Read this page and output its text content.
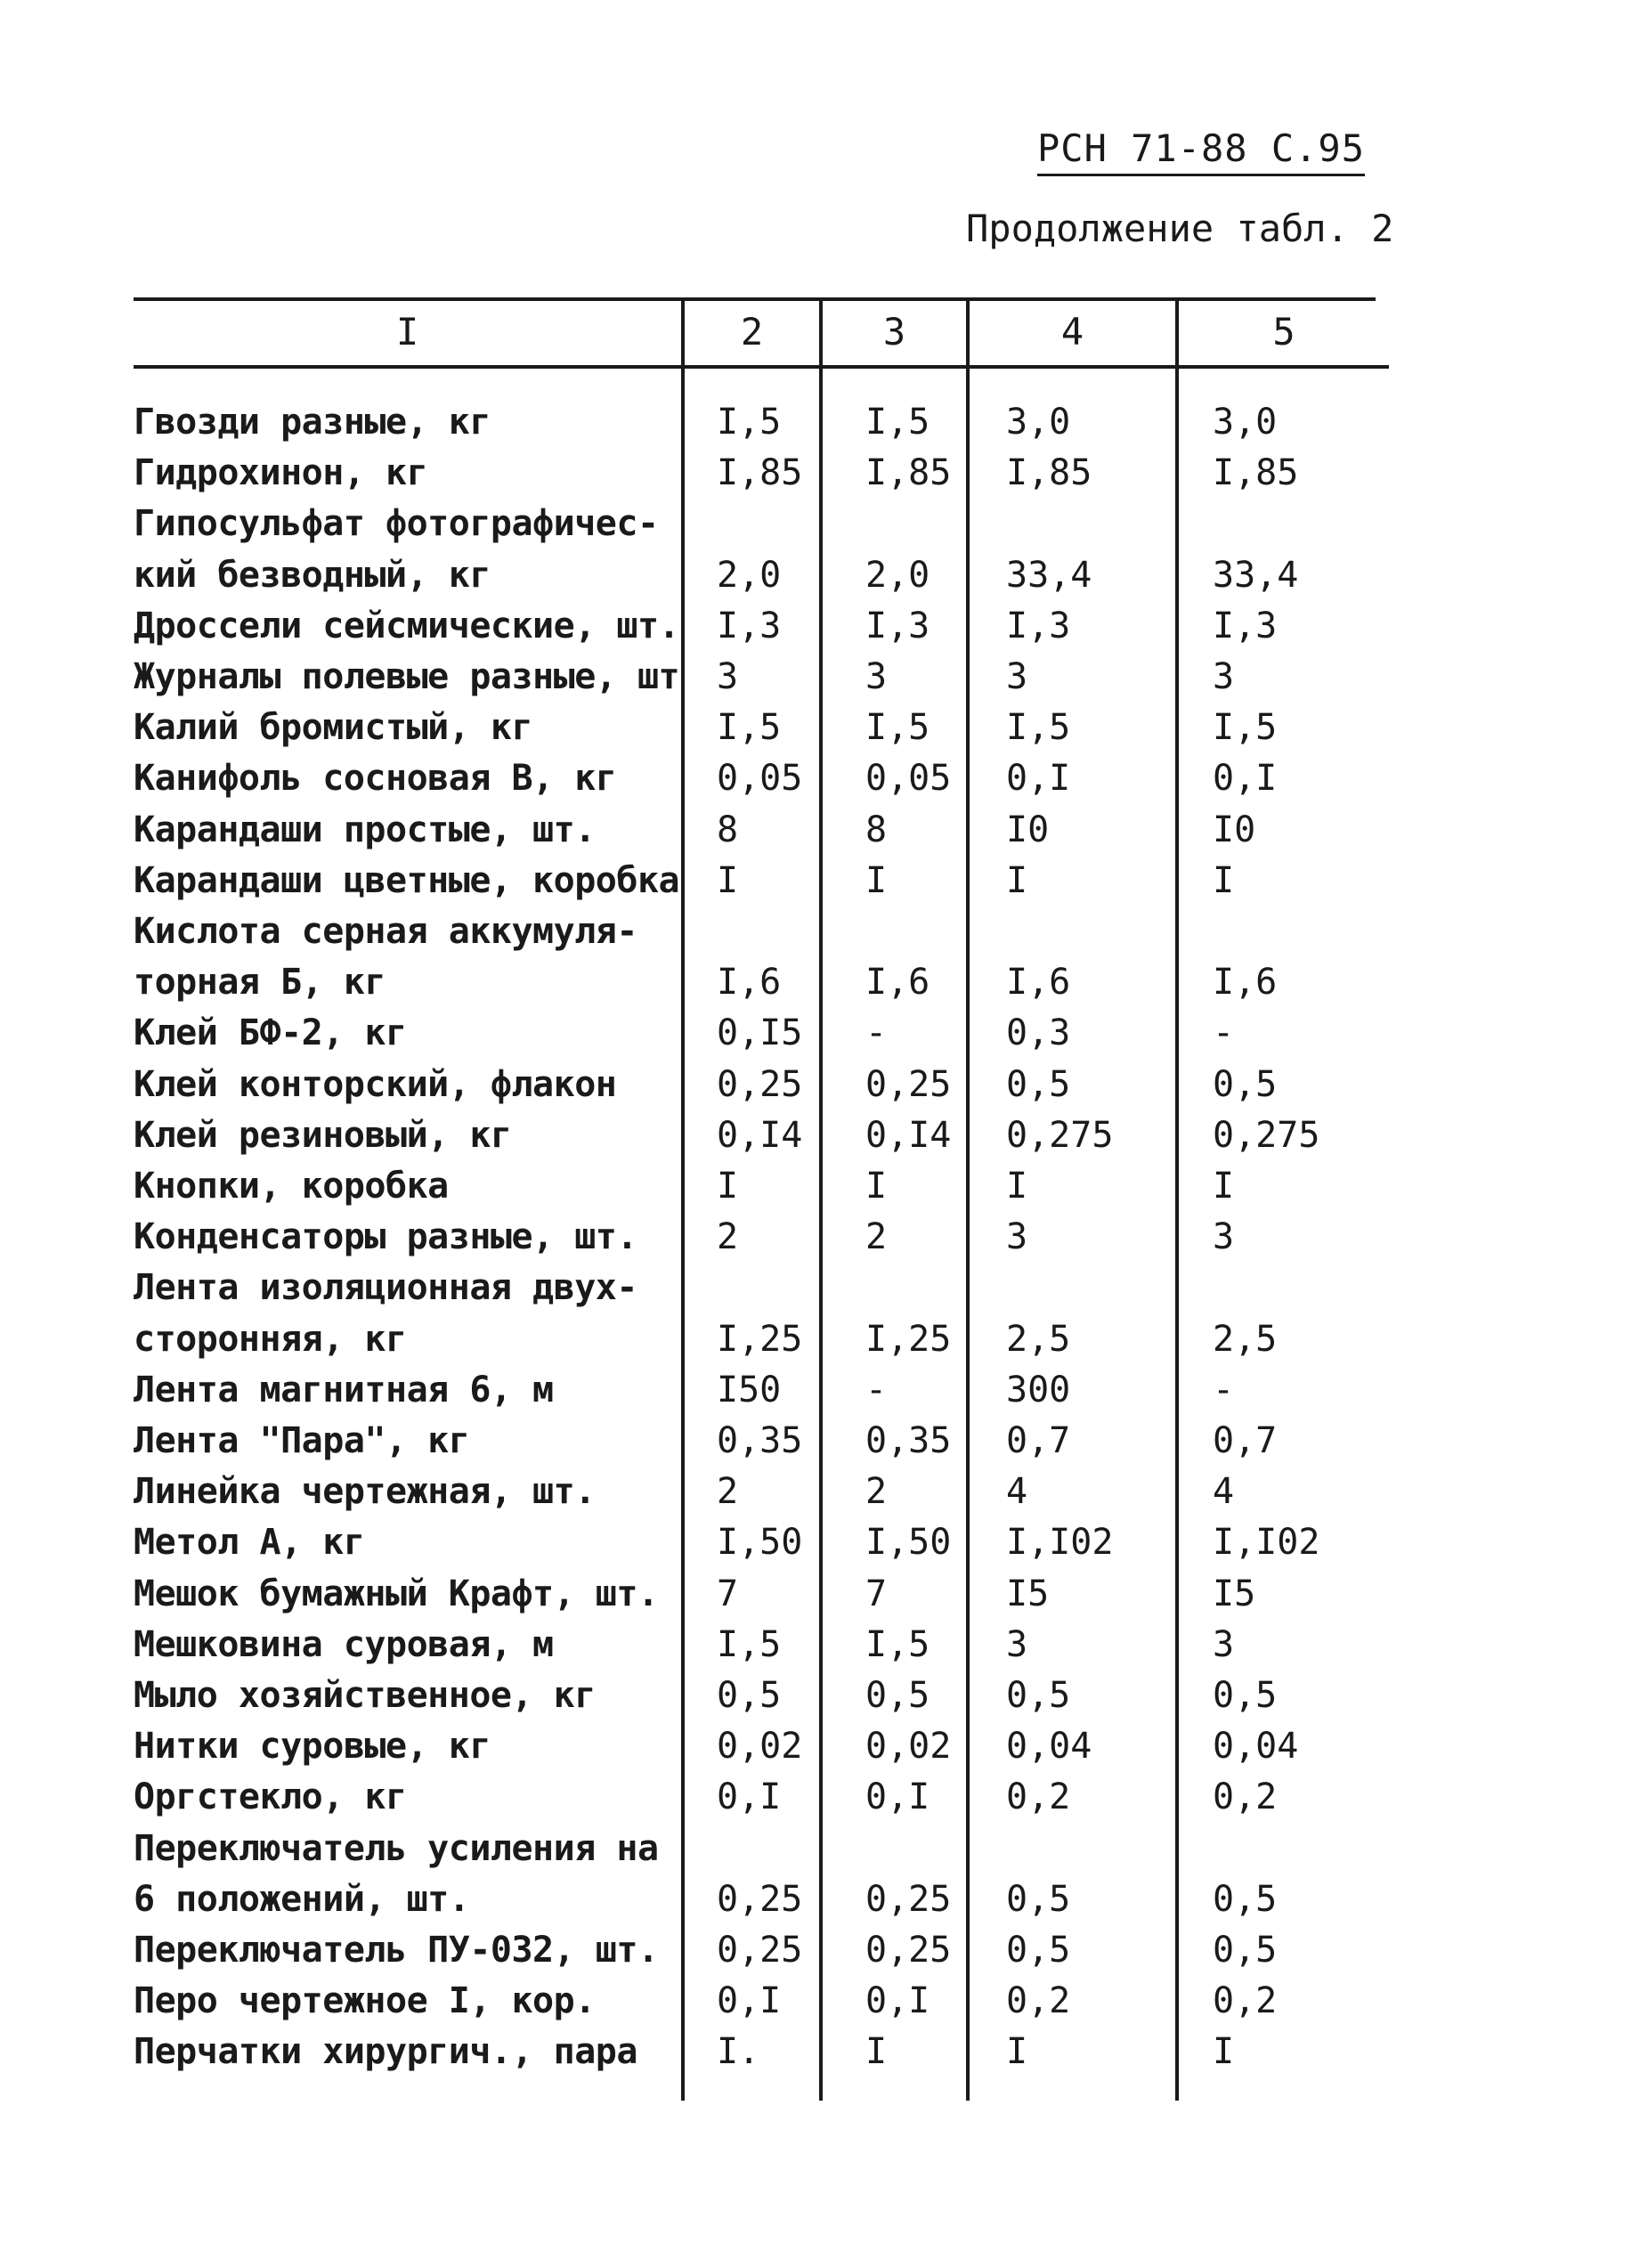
РСН 71-88 С.95
Продолжение табл. 2
I	2	3	4	5
Гвозди разные, кг	I,5 I,5 3,0	3,0
Гидрохинон, кг	I,85 I,85 I,85	I,85
Гипосульфат фотографичес-
кий безводный, кг	2,0 2,0 33,4	33,4
Дроссели сейсмические, шт. I,3 I,3 I,3	I,3
Журналы полевые разные, шт 3	3	3	3
Калий бромистый, кг	I,5 I,5 I,5	I,5
Канифоль сосновая В, кг	0,05 0,05 0,I	0,I
Карандаши простые, шт.	8	8	I0	I0
Карандаши цветные, коробка I	I	I	I
Кислота серная аккумуля-
торная Б, кг	I,6 I,6 I,6	I,6
Клей БФ-2, кг	0,I5 -	0,3	-
Клей конторский, флакон	0,25 0,25 0,5	0,5
Клей резиновый, кг	0,I4 0,I4 0,275	0,275
Кнопки, коробка	I	I	I	I
Конденсаторы разные, шт. 2	2	3	3
Лента изоляционная двух-
сторонняя, кг	I,25 I,25 2,5	2,5
Лента магнитная 6, м	I50 -	300	-
Лента "Пара", кг	0,35 0,35 0,7	0,7
Линейка чертежная, шт.	2	2	4	4
Метол А, кг	I,50 I,50 I,I02	I,I02
Мешок бумажный Крафт, шт. 7	7	I5	I5
Мешковина суровая, м	I,5 I,5 3	3
Мыло хозяйственное, кг	0,5 0,5 0,5	0,5
Нитки суровые, кг	0,02 0,02 0,04	0,04
Оргстекло, кг	0,I 0,I 0,2	0,2
Переключатель усиления на
6 положений, шт.	0,25 0,25 0,5	0,5
Переключатель ПУ-032, шт. 0,25 0,25 0,5	0,5
Перо чертежное I, кор.	0,I 0,I 0,2	0,2
Перчатки хирургич., пара I.	I	I	I
